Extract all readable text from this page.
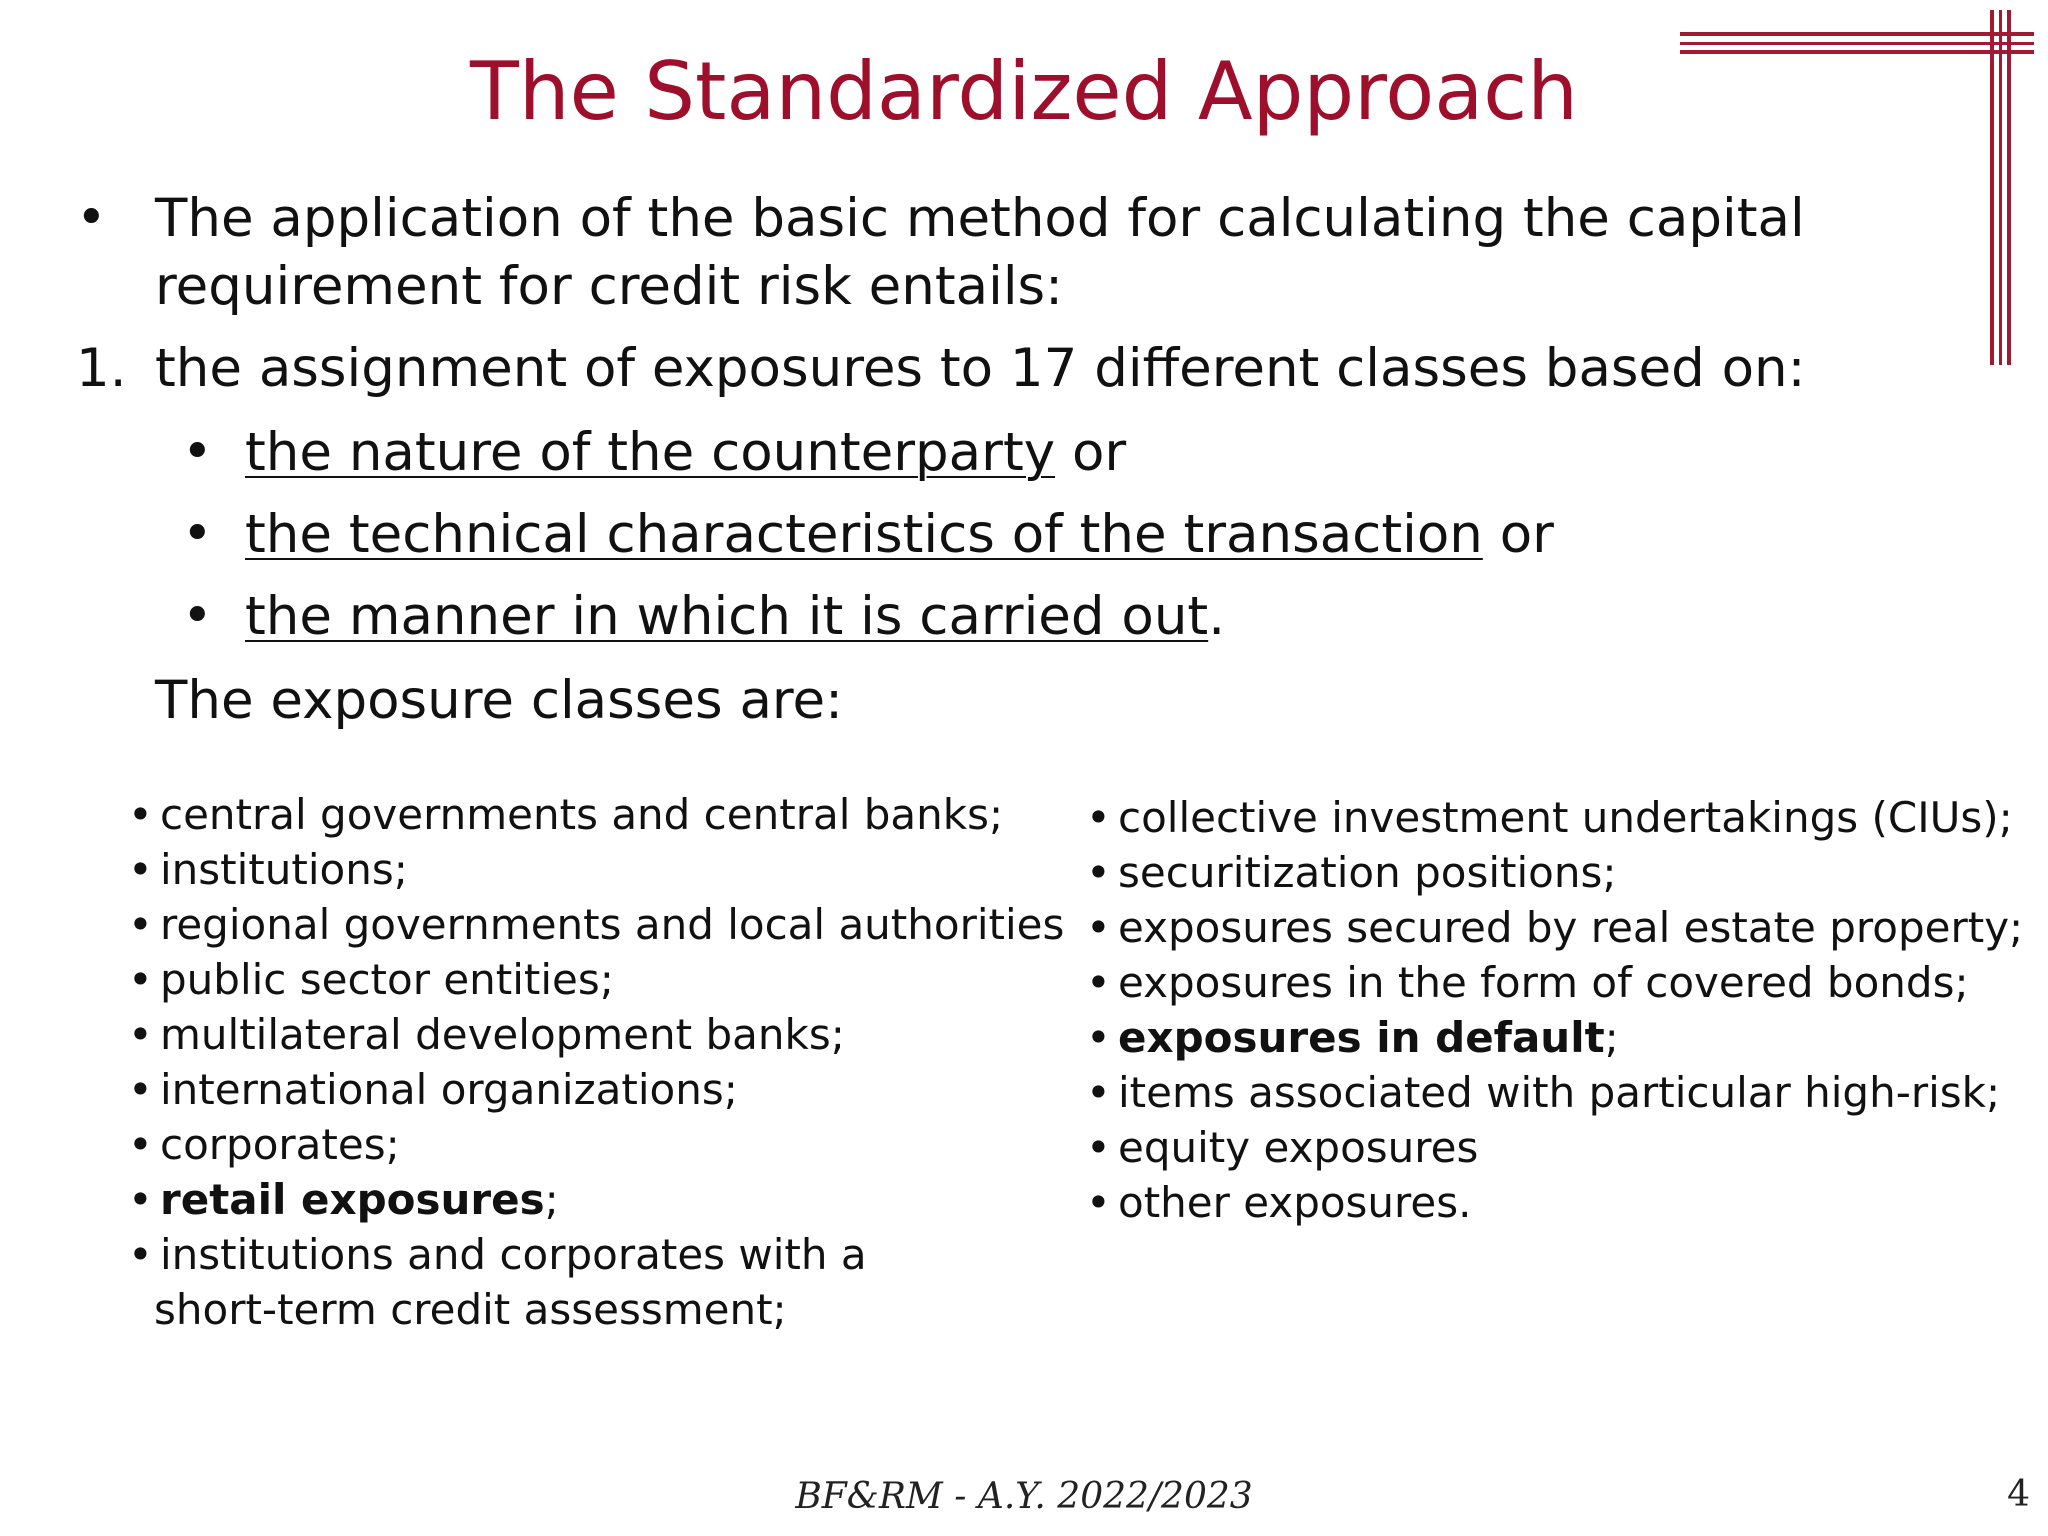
The Standardized Approach
• The application of the basic method for calculating the capital
requirement for credit risk entails:
1. the assignment of exposures to 17 different classes based on:
• the nature of the counterparty or
• the technical characteristics of the transaction or
• the manner in which it is carried out.
The exposure classes are:
• central governments and central banks;
• institutions;
• regional governments and local authorities
• public sector entities;
• multilateral development banks;
• international organizations;
• corporates;
• retail exposures;
• institutions and corporates with a
short-term credit assessment;
• collective investment undertakings (CIUs);
• securitization positions;
• exposures secured by real estate property;
• exposures in the form of covered bonds;
• exposures in default;
• items associated with particular high-risk;
• equity exposures
• other exposures.
BF&RM - A.Y. 2022/2023	4
